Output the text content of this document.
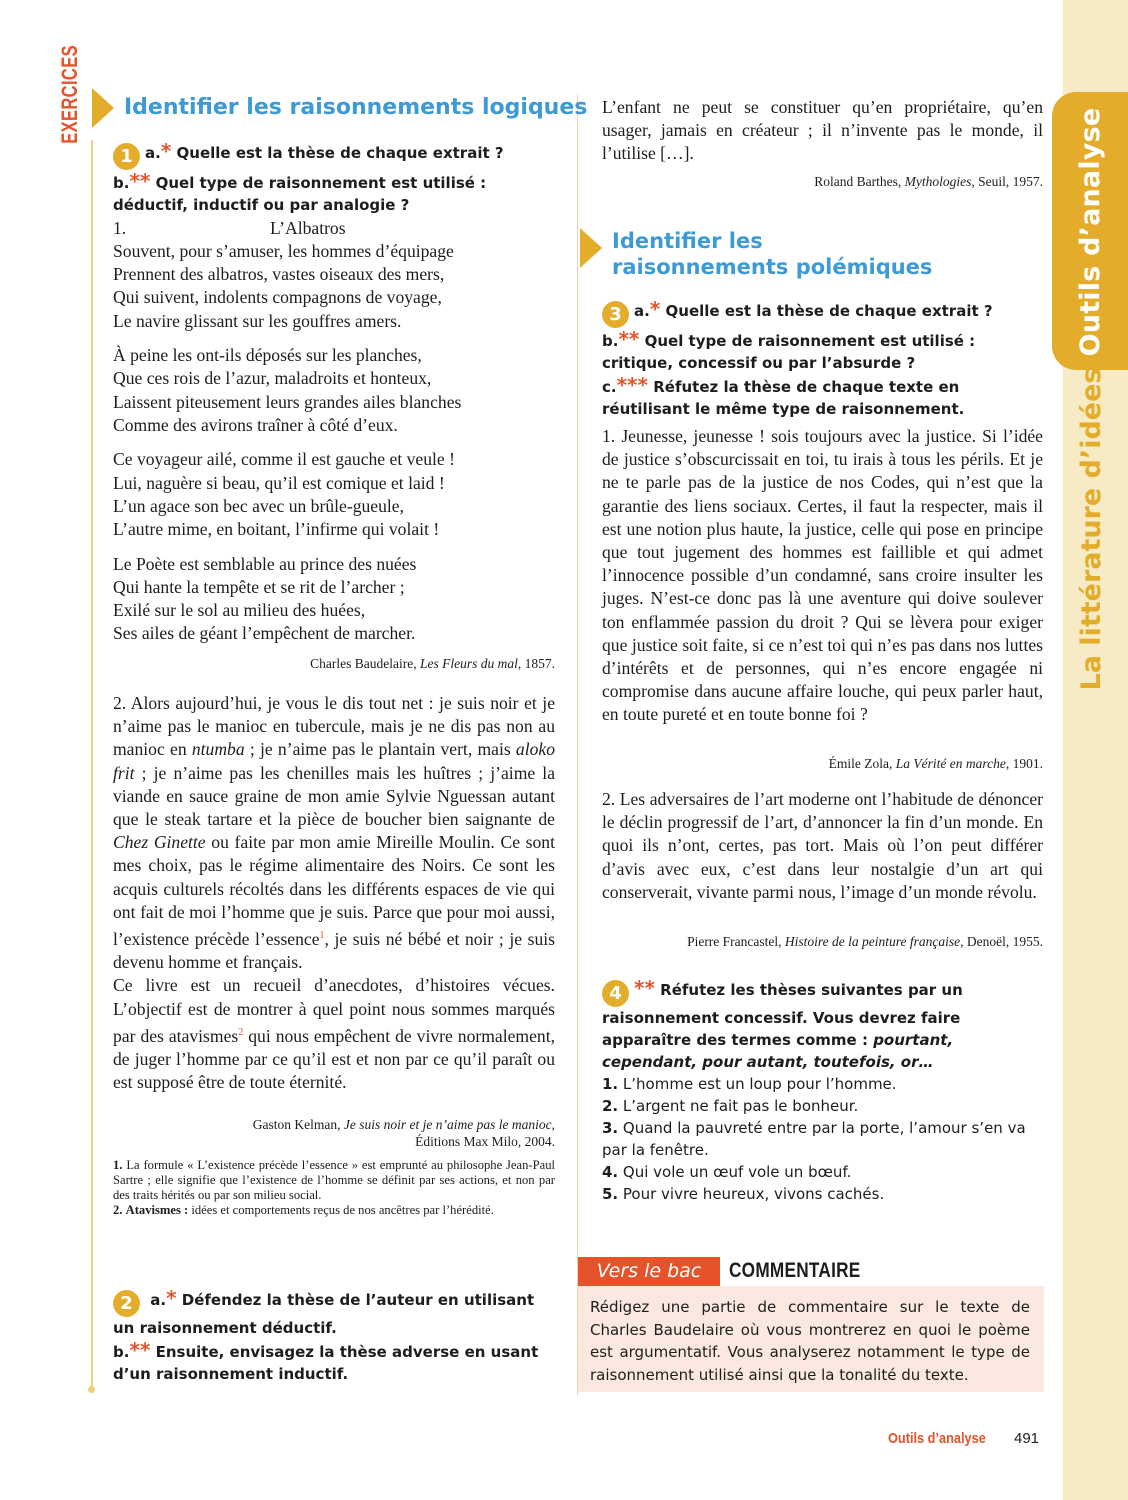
Outils d’analyse
La littérature d’idées
EXERCICES Identifier les raisonnements logiques
1 a.* Quelle est la thèse de chaque extrait ?
b.** Quel type de raisonnement est utilisé : déductif, inductif ou par analogie ?
1.	L’Albatros
Souvent, pour s’amuser, les hommes d’équipage
Prennent des albatros, vastes oiseaux des mers,
Qui suivent, indolents compagnons de voyage,
Le navire glissant sur les gouffres amers.
À peine les ont-ils déposés sur les planches,
Que ces rois de l’azur, maladroits et honteux,
Laissent piteusement leurs grandes ailes blanches
Comme des avirons traîner à côté d’eux.
Ce voyageur ailé, comme il est gauche et veule !
Lui, naguère si beau, qu’il est comique et laid !
L’un agace son bec avec un brûle-gueule,
L’autre mime, en boitant, l’infirme qui volait !
Le Poète est semblable au prince des nuées
Qui hante la tempête et se rit de l’archer ;
Exilé sur le sol au milieu des huées,
Ses ailes de géant l’empêchent de marcher.
Charles Baudelaire, Les Fleurs du mal, 1857.
2. Alors aujourd’hui, je vous le dis tout net : je suis noir et je n’aime pas le manioc en tubercule, mais je ne dis pas non au manioc en ntumba ; je n’aime pas le plantain vert, mais aloko frit ; je n’aime pas les chenilles mais les huîtres ; j’aime la viande en sauce graine de mon amie Sylvie Nguessan autant que le steak tartare et la pièce de boucher bien saignante de Chez Ginette ou faite par mon amie Mireille Moulin. Ce sont mes choix, pas le régime alimentaire des Noirs. Ce sont les acquis culturels récoltés dans les différents espaces de vie qui ont fait de moi l’homme que je suis. Parce que pour moi aussi, l’existence précède l’essence$^1$, je suis né bébé et noir ; je suis devenu homme et français.
Ce livre est un recueil d’anecdotes, d’histoires vécues. L’objectif est de montrer à quel point nous sommes marqués par des atavismes$^2$ qui nous empêchent de vivre normalement, de juger l’homme par ce qu’il est et non par ce qu’il paraît ou est supposé être de toute éternité.
Gaston Kelman, Je suis noir et je n’aime pas le manioc,
Éditions Max Milo, 2004.
1. La formule « L’existence précède l’essence » est emprunté au philosophe Jean-Paul Sartre ; elle signifie que l’existence de l’homme se définit par ses actions, et non par des traits hérités ou par son milieu social.
2. Atavismes : idées et comportements reçus de nos ancêtres par l’hérédité.
2 a.* Défendez la thèse de l’auteur en utilisant un raisonnement déductif.
b.** Ensuite, envisagez la thèse adverse en usant d’un raisonnement inductif.
L’enfant ne peut se constituer qu’en propriétaire, qu’en usager, jamais en créateur ; il n’invente pas le monde, il l’utilise […].
Roland Barthes, Mythologies, Seuil, 1957.
Identifier les raisonnements polémiques
3 a.* Quelle est la thèse de chaque extrait ?
b.** Quel type de raisonnement est utilisé : critique, concessif ou par l’absurde ?
c.*** Réfutez la thèse de chaque texte en réutilisant le même type de raisonnement.
1. Jeunesse, jeunesse ! sois toujours avec la justice. Si l’idée de justice s’obscurcissait en toi, tu irais à tous les périls. Et je ne te parle pas de la justice de nos Codes, qui n’est que la garantie des liens sociaux. Certes, il faut la respecter, mais il est une notion plus haute, la justice, celle qui pose en principe que tout jugement des hommes est faillible et qui admet l’innocence possible d’un condamné, sans croire insulter les juges. N’est-ce donc pas là une aventure qui doive soulever ton enflammée passion du droit ? Qui se lèvera pour exiger que justice soit faite, si ce n’est toi qui n’es pas dans nos luttes d’intérêts et de personnes, qui n’es encore engagée ni compromise dans aucune affaire louche, qui peux parler haut, en toute pureté et en toute bonne foi ?
Émile Zola, La Vérité en marche, 1901.
2. Les adversaires de l’art moderne ont l’habitude de dénoncer le déclin progressif de l’art, d’annoncer la fin d’un monde. En quoi ils n’ont, certes, pas tort. Mais où l’on peut différer d’avis avec eux, c’est dans leur nostalgie d’un art qui conserverait, vivante parmi nous, l’image d’un monde révolu.
Pierre Francastel, Histoire de la peinture française, Denoël, 1955.
4 ** Réfutez les thèses suivantes par un raisonnement concessif. Vous devrez faire apparaître des termes comme : pourtant, cependant, pour autant, toutefois, or…
1. L’homme est un loup pour l’homme.
2. L’argent ne fait pas le bonheur.
3. Quand la pauvreté entre par la porte, l’amour s’en va par la fenêtre.
4. Qui vole un œuf vole un bœuf.
5. Pour vivre heureux, vivons cachés.
Vers le bac	COMMENTAIRE
Rédigez une partie de commentaire sur le texte de Charles Baudelaire où vous montrerez en quoi le poème est argumentatif. Vous analyserez notamment le type de raisonnement utilisé ainsi que la tonalité du texte.
Outils d’analyse 491
